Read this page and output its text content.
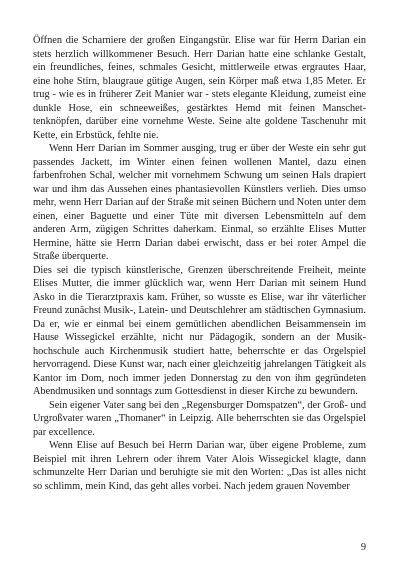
Öffnen die Scharniere der großen Eingangstür. Elise war für Herrn Darian ein stets herzlich willkommener Besuch. Herr Darian hatte eine schlanke Gestalt, ein freundliches, feines, schmales Gesicht, mittlerweile etwas ergrautes Haar, eine hohe Stirn, blaugraue gütige Augen, sein Körper maß etwa 1,85 Meter. Er trug - wie es in früherer Zeit Manier war - stets elegante Kleidung, zumeist eine dunkle Hose, ein schneeweißes, gestärktes Hemd mit feinen Manschettenknöpfen, darüber eine vornehme Weste. Seine alte goldene Taschenuhr mit Kette, ein Erbstück, fehlte nie.

Wenn Herr Darian im Sommer ausging, trug er über der Weste ein sehr gut passendes Jackett, im Winter einen feinen wollenen Mantel, dazu einen farbenfrohen Schal, welcher mit vornehmem Schwung um seinen Hals drapiert war und ihm das Aussehen eines phantasievollen Künstlers verlieh. Dies umso mehr, wenn Herr Darian auf der Straße mit seinen Büchern und Noten unter dem einen, einer Baguette und einer Tüte mit diversen Lebensmitteln auf dem anderen Arm, zügigen Schrittes daherkam. Einmal, so erzählte Elises Mutter Hermine, hätte sie Herrn Darian dabei erwischt, dass er bei roter Ampel die Straße überquerte.

Dies sei die typisch künstlerische, Grenzen überschreitende Freiheit, meinte Elises Mutter, die immer glücklich war, wenn Herr Darian mit seinem Hund Asko in die Tierarztpraxis kam. Früher, so wusste es Elise, war ihr väterlicher Freund zunächst Musik-, Latein- und Deutschlehrer am städtischen Gymnasium. Da er, wie er einmal bei einem gemütlichen abendlichen Beisammensein im Hause Wissegickel erzählte, nicht nur Pädagogik, sondern an der Musikhochschule auch Kirchenmusik studiert hatte, beherrschte er das Orgelspiel hervorragend. Diese Kunst war, nach einer gleichzeitig jahrelangen Tätigkeit als Kantor im Dom, noch immer jeden Donnerstag zu den von ihm gegründeten Abendmusiken und sonntags zum Gottesdienst in dieser Kirche zu bewundern.

Sein eigener Vater sang bei den „Regensburger Domspatzen“, der Groß- und Urgroßvater waren „Thomaner“ in Leipzig. Alle beherrschten sie das Orgelspiel par excellence.

Wenn Elise auf Besuch bei Herrn Darian war, über eigene Probleme, zum Beispiel mit ihren Lehrern oder ihrem Vater Alois Wissegickel klagte, dann schmunzelte Herr Darian und beruhigte sie mit den Worten: „Das ist alles nicht so schlimm, mein Kind, das geht alles vorbei. Nach jedem grauen November

9
